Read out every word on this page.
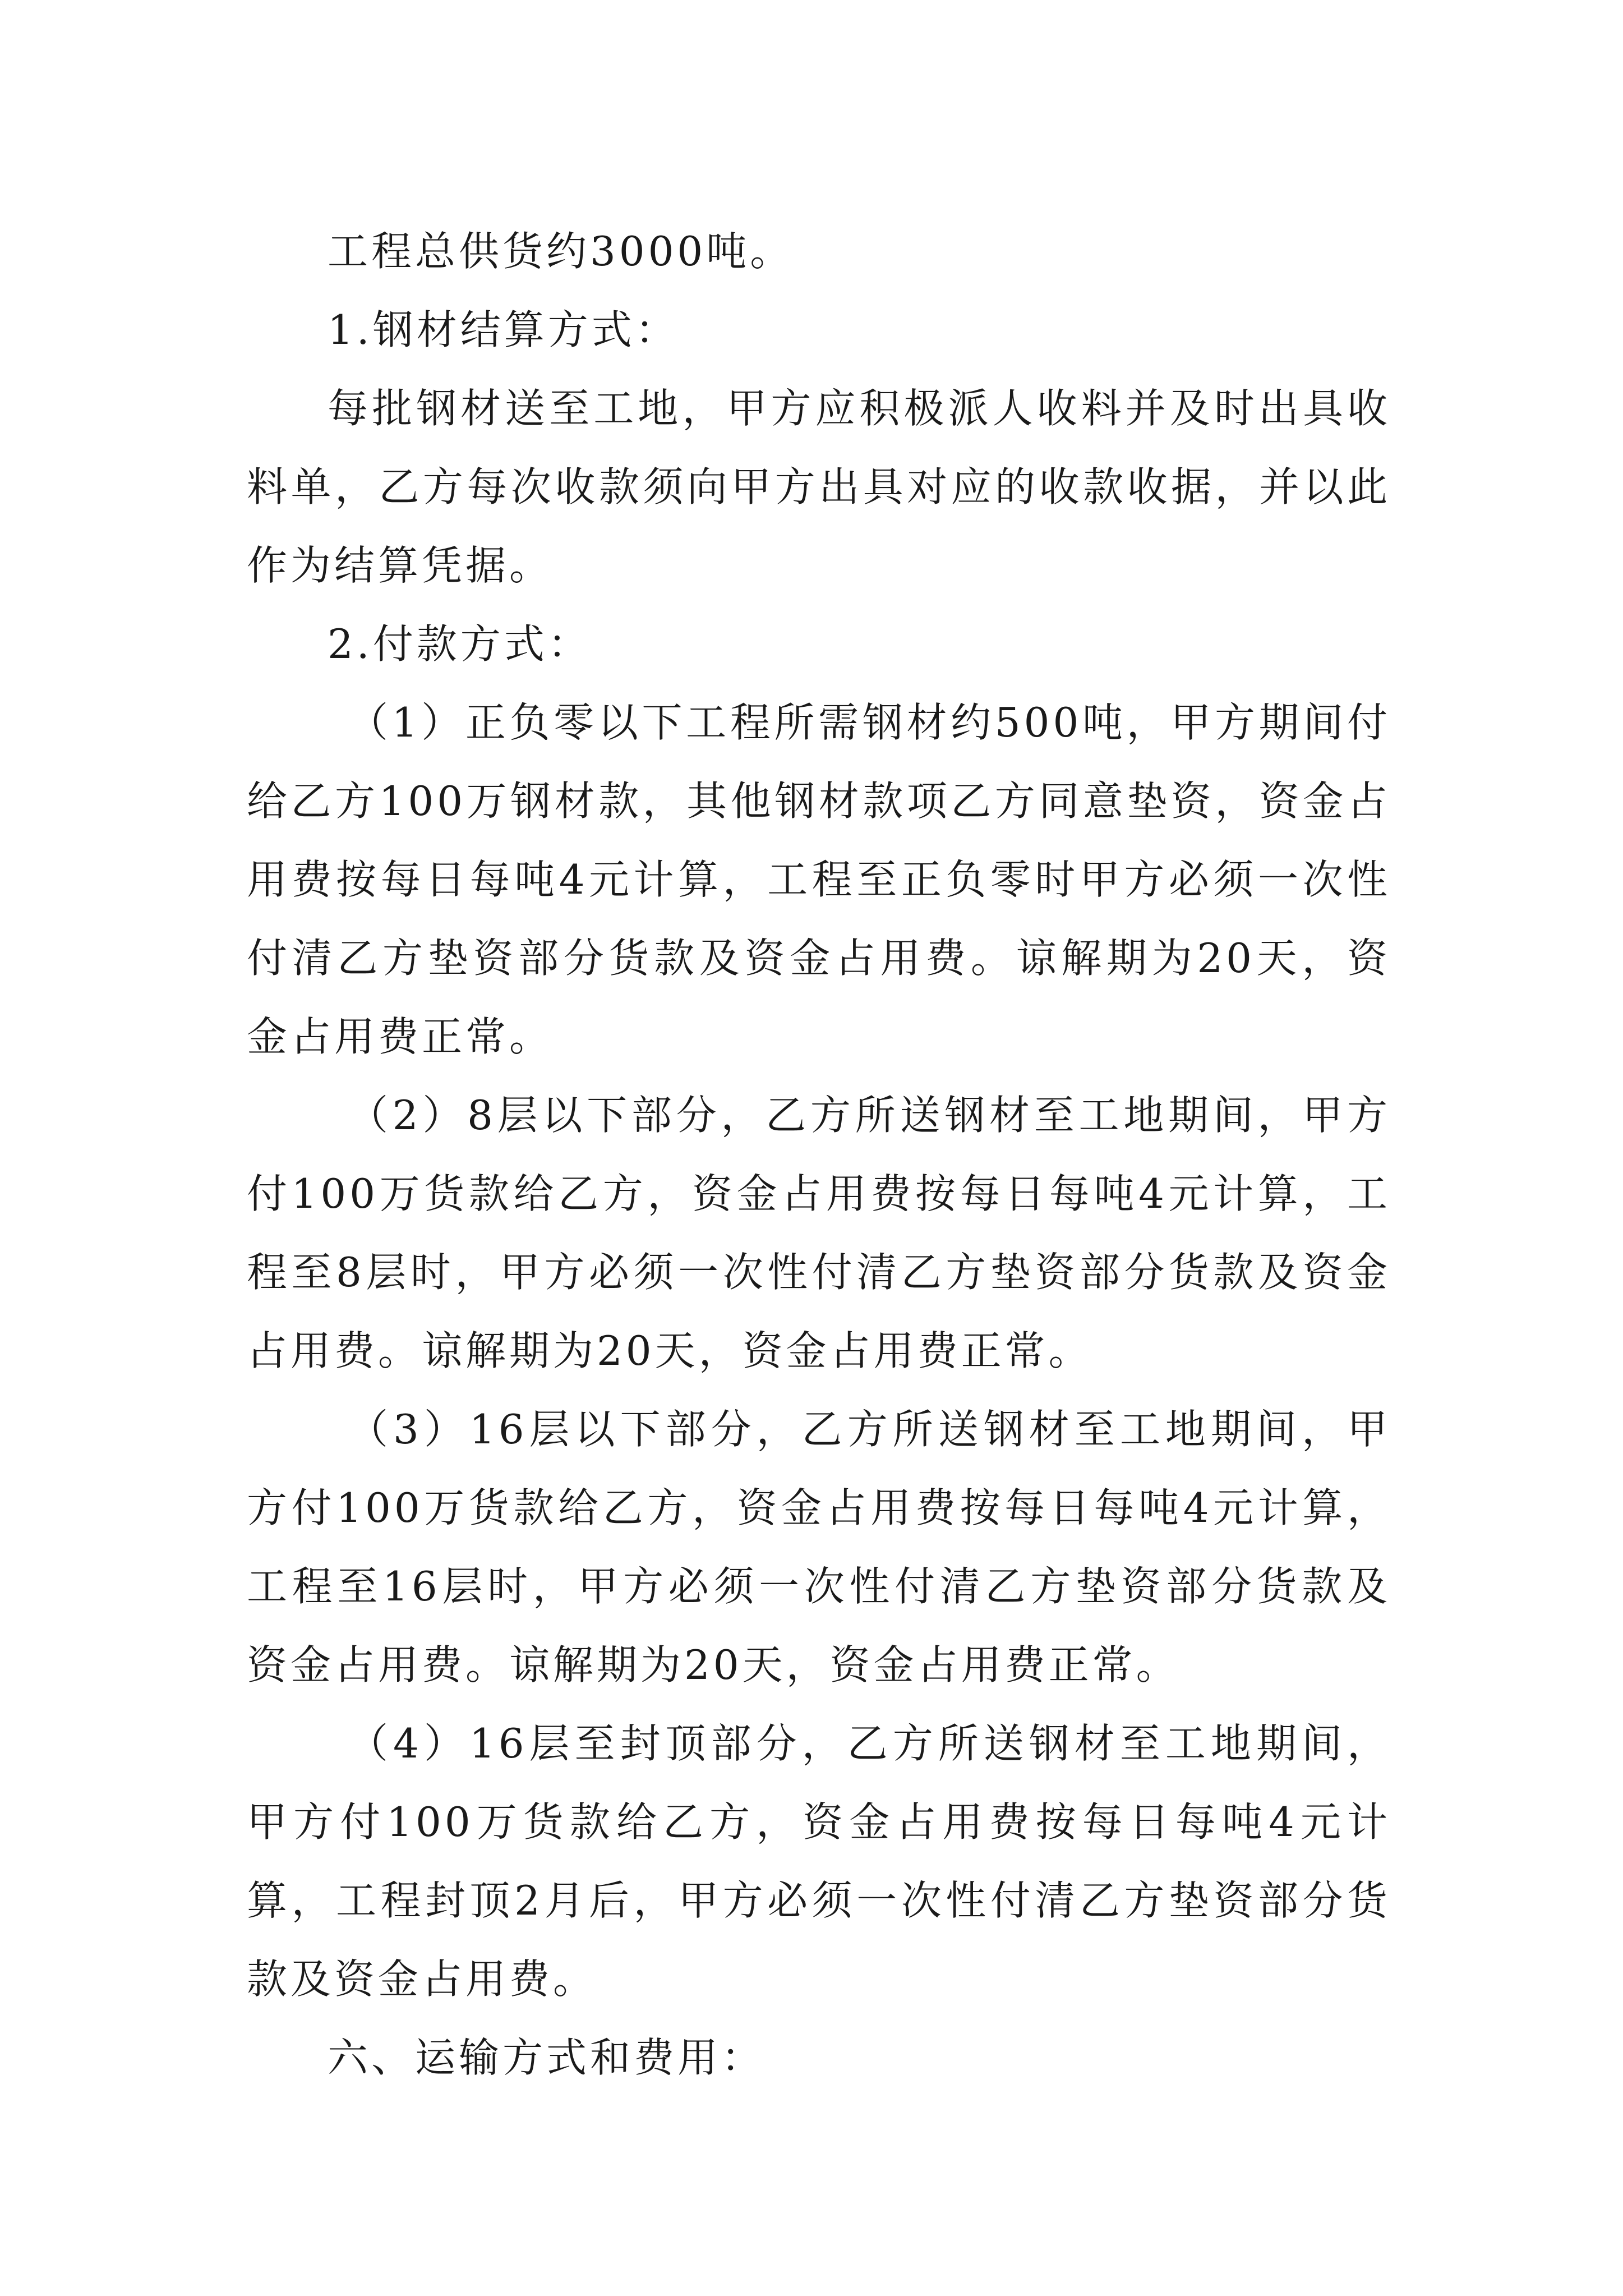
工程总供货约3000吨。

1.钢材结算方式：

每批钢材送至工地，甲方应积极派人收料并及时出具收料单，乙方每次收款须向甲方出具对应的收款收据，并以此作为结算凭据。

2.付款方式：

（1）正负零以下工程所需钢材约500吨，甲方期间付给乙方100万钢材款，其他钢材款项乙方同意垫资，资金占用费按每日每吨4元计算，工程至正负零时甲方必须一次性付清乙方垫资部分货款及资金占用费。谅解期为20天，资金占用费正常。

（2）8层以下部分，乙方所送钢材至工地期间，甲方付100万货款给乙方，资金占用费按每日每吨4元计算，工程至8层时，甲方必须一次性付清乙方垫资部分货款及资金占用费。谅解期为20天，资金占用费正常。

（3）16层以下部分，乙方所送钢材至工地期间，甲方付100万货款给乙方，资金占用费按每日每吨4元计算，工程至16层时，甲方必须一次性付清乙方垫资部分货款及资金占用费。谅解期为20天，资金占用费正常。

（4）16层至封顶部分，乙方所送钢材至工地期间，甲方付100万货款给乙方，资金占用费按每日每吨4元计算，工程封顶2月后，甲方必须一次性付清乙方垫资部分货款及资金占用费。

六、运输方式和费用：
